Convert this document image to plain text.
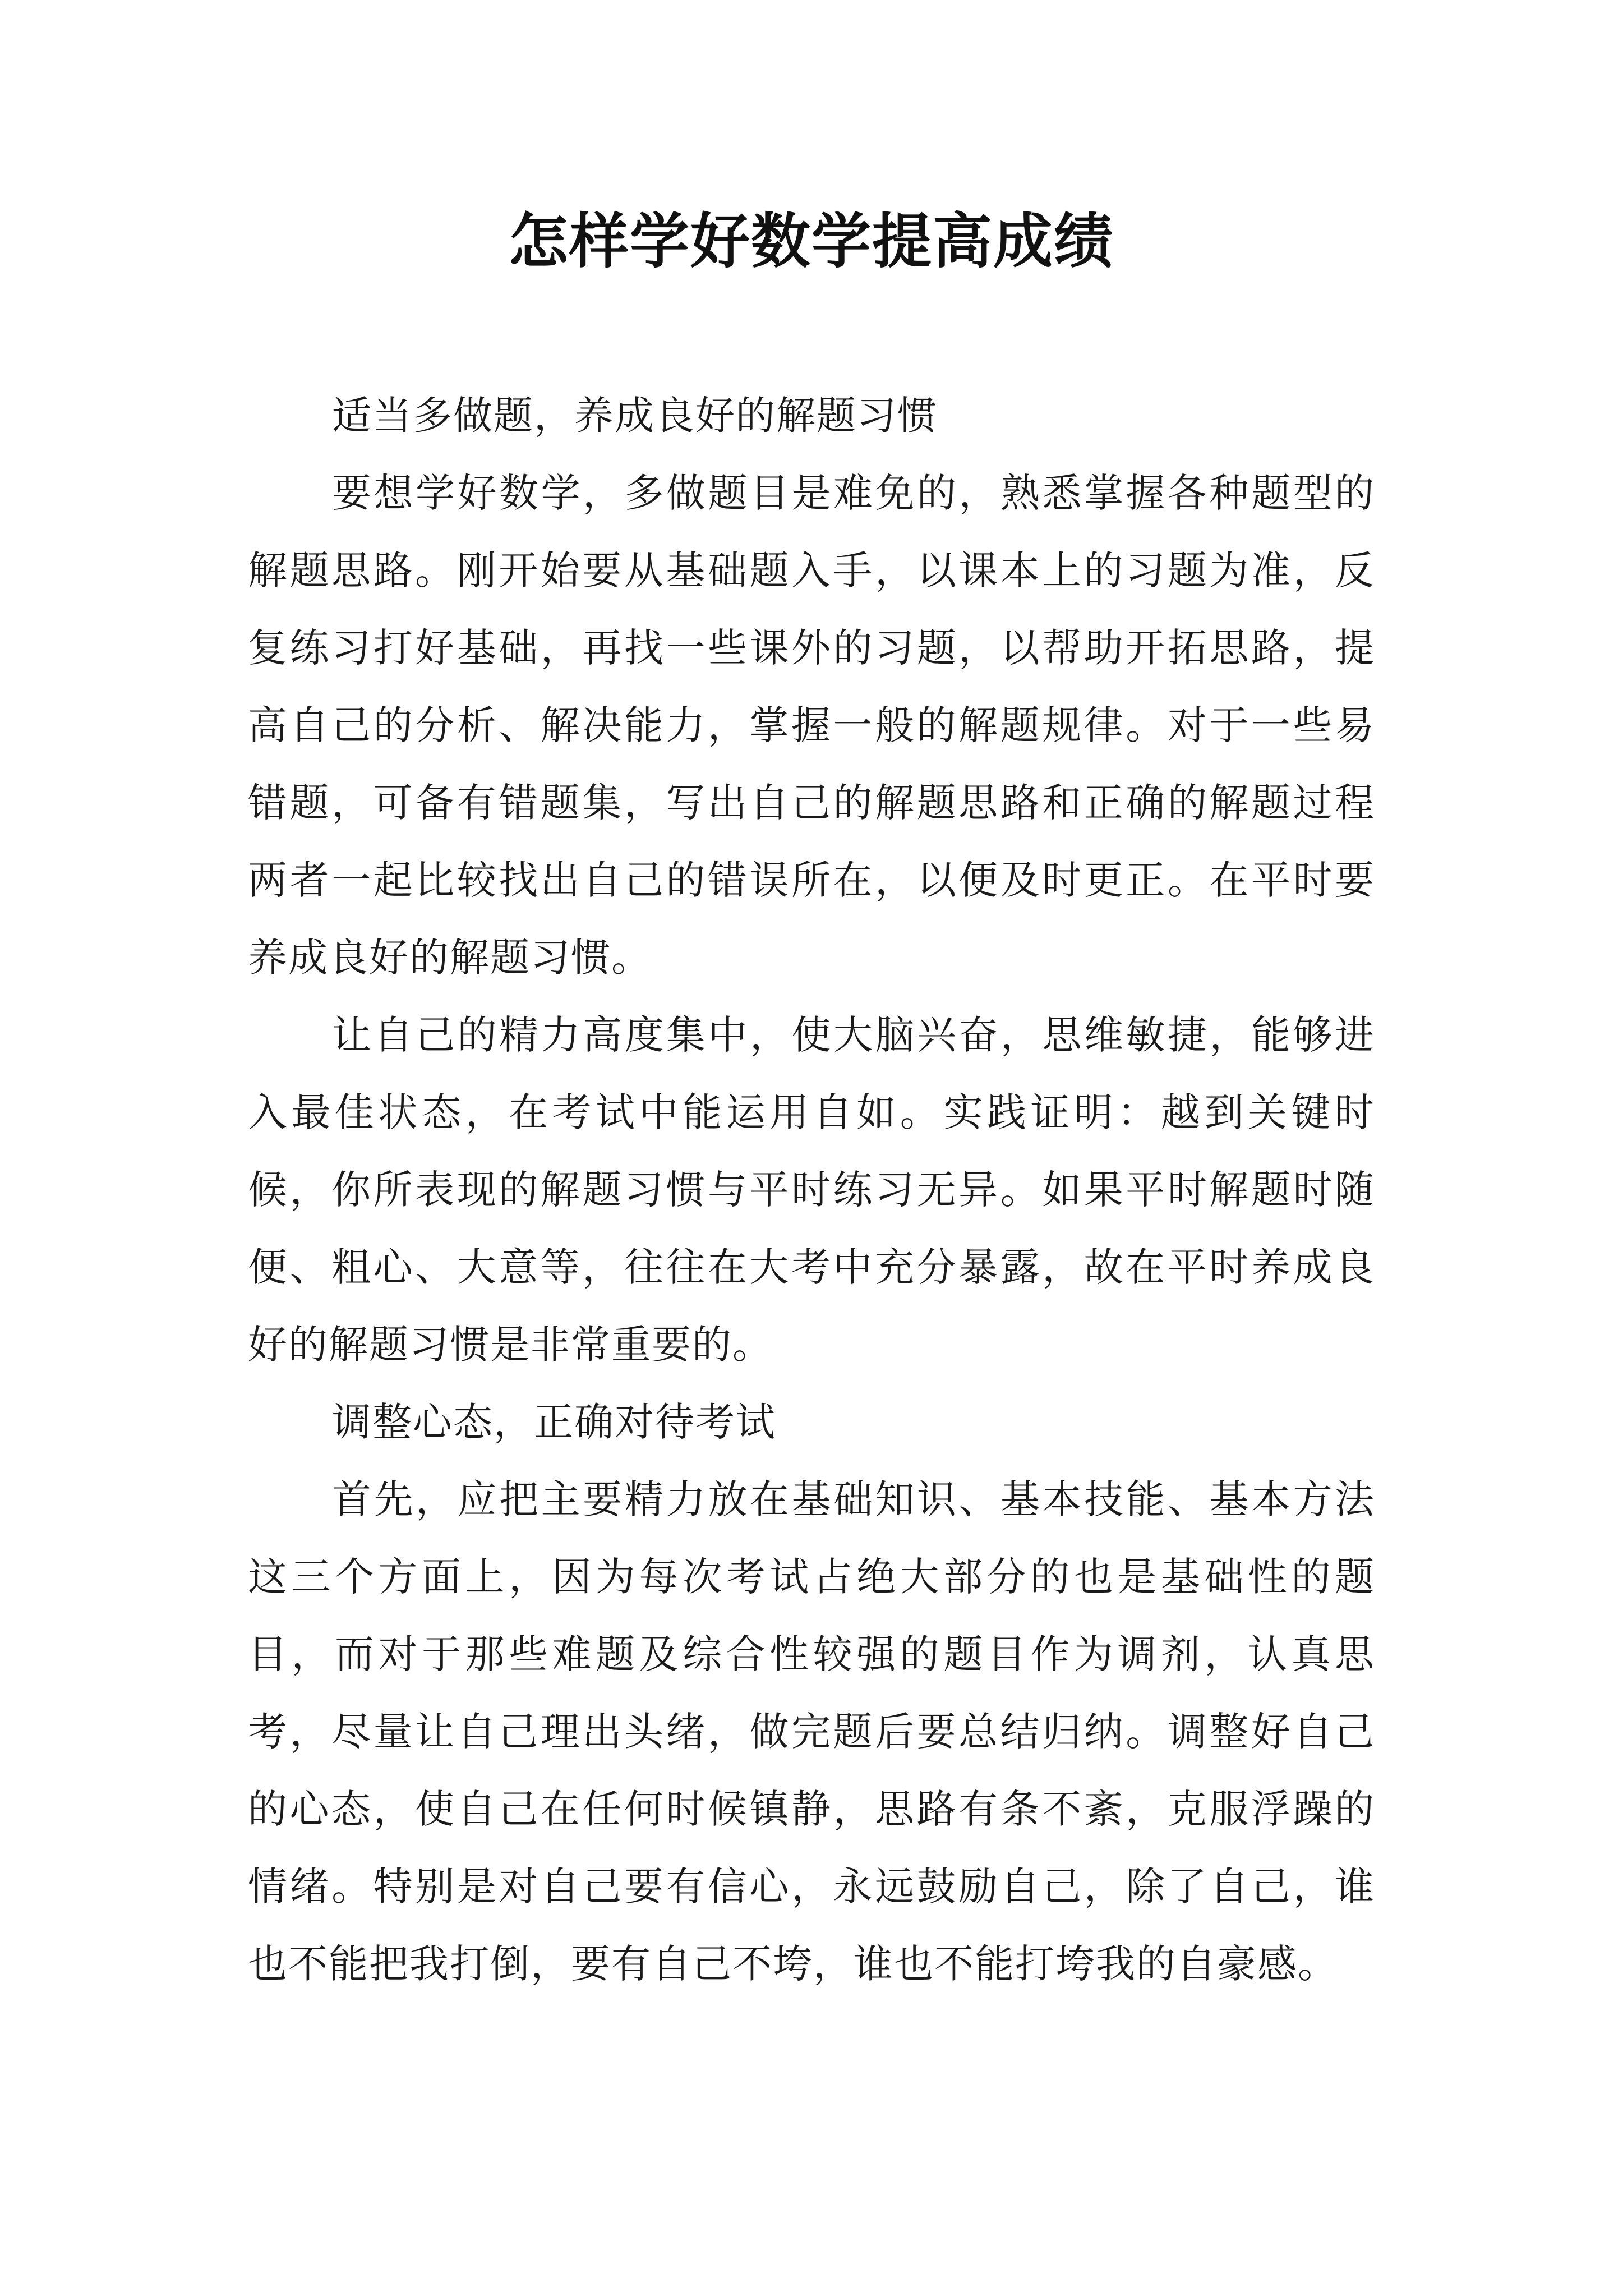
怎样学好数学提高成绩

适当多做题，养成良好的解题习惯

要想学好数学，多做题目是难免的，熟悉掌握各种题型的解题思路。刚开始要从基础题入手，以课本上的习题为准，反复练习打好基础，再找一些课外的习题，以帮助开拓思路，提高自己的分析、解决能力，掌握一般的解题规律。对于一些易错题，可备有错题集，写出自己的解题思路和正确的解题过程两者一起比较找出自己的错误所在，以便及时更正。在平时要养成良好的解题习惯。

让自己的精力高度集中，使大脑兴奋，思维敏捷，能够进入最佳状态，在考试中能运用自如。实践证明：越到关键时候，你所表现的解题习惯与平时练习无异。如果平时解题时随便、粗心、大意等，往往在大考中充分暴露，故在平时养成良好的解题习惯是非常重要的。

调整心态，正确对待考试

首先，应把主要精力放在基础知识、基本技能、基本方法这三个方面上，因为每次考试占绝大部分的也是基础性的题目，而对于那些难题及综合性较强的题目作为调剂，认真思考，尽量让自己理出头绪，做完题后要总结归纳。调整好自己的心态，使自己在任何时候镇静，思路有条不紊，克服浮躁的情绪。特别是对自己要有信心，永远鼓励自己，除了自己，谁也不能把我打倒，要有自己不垮，谁也不能打垮我的自豪感。
